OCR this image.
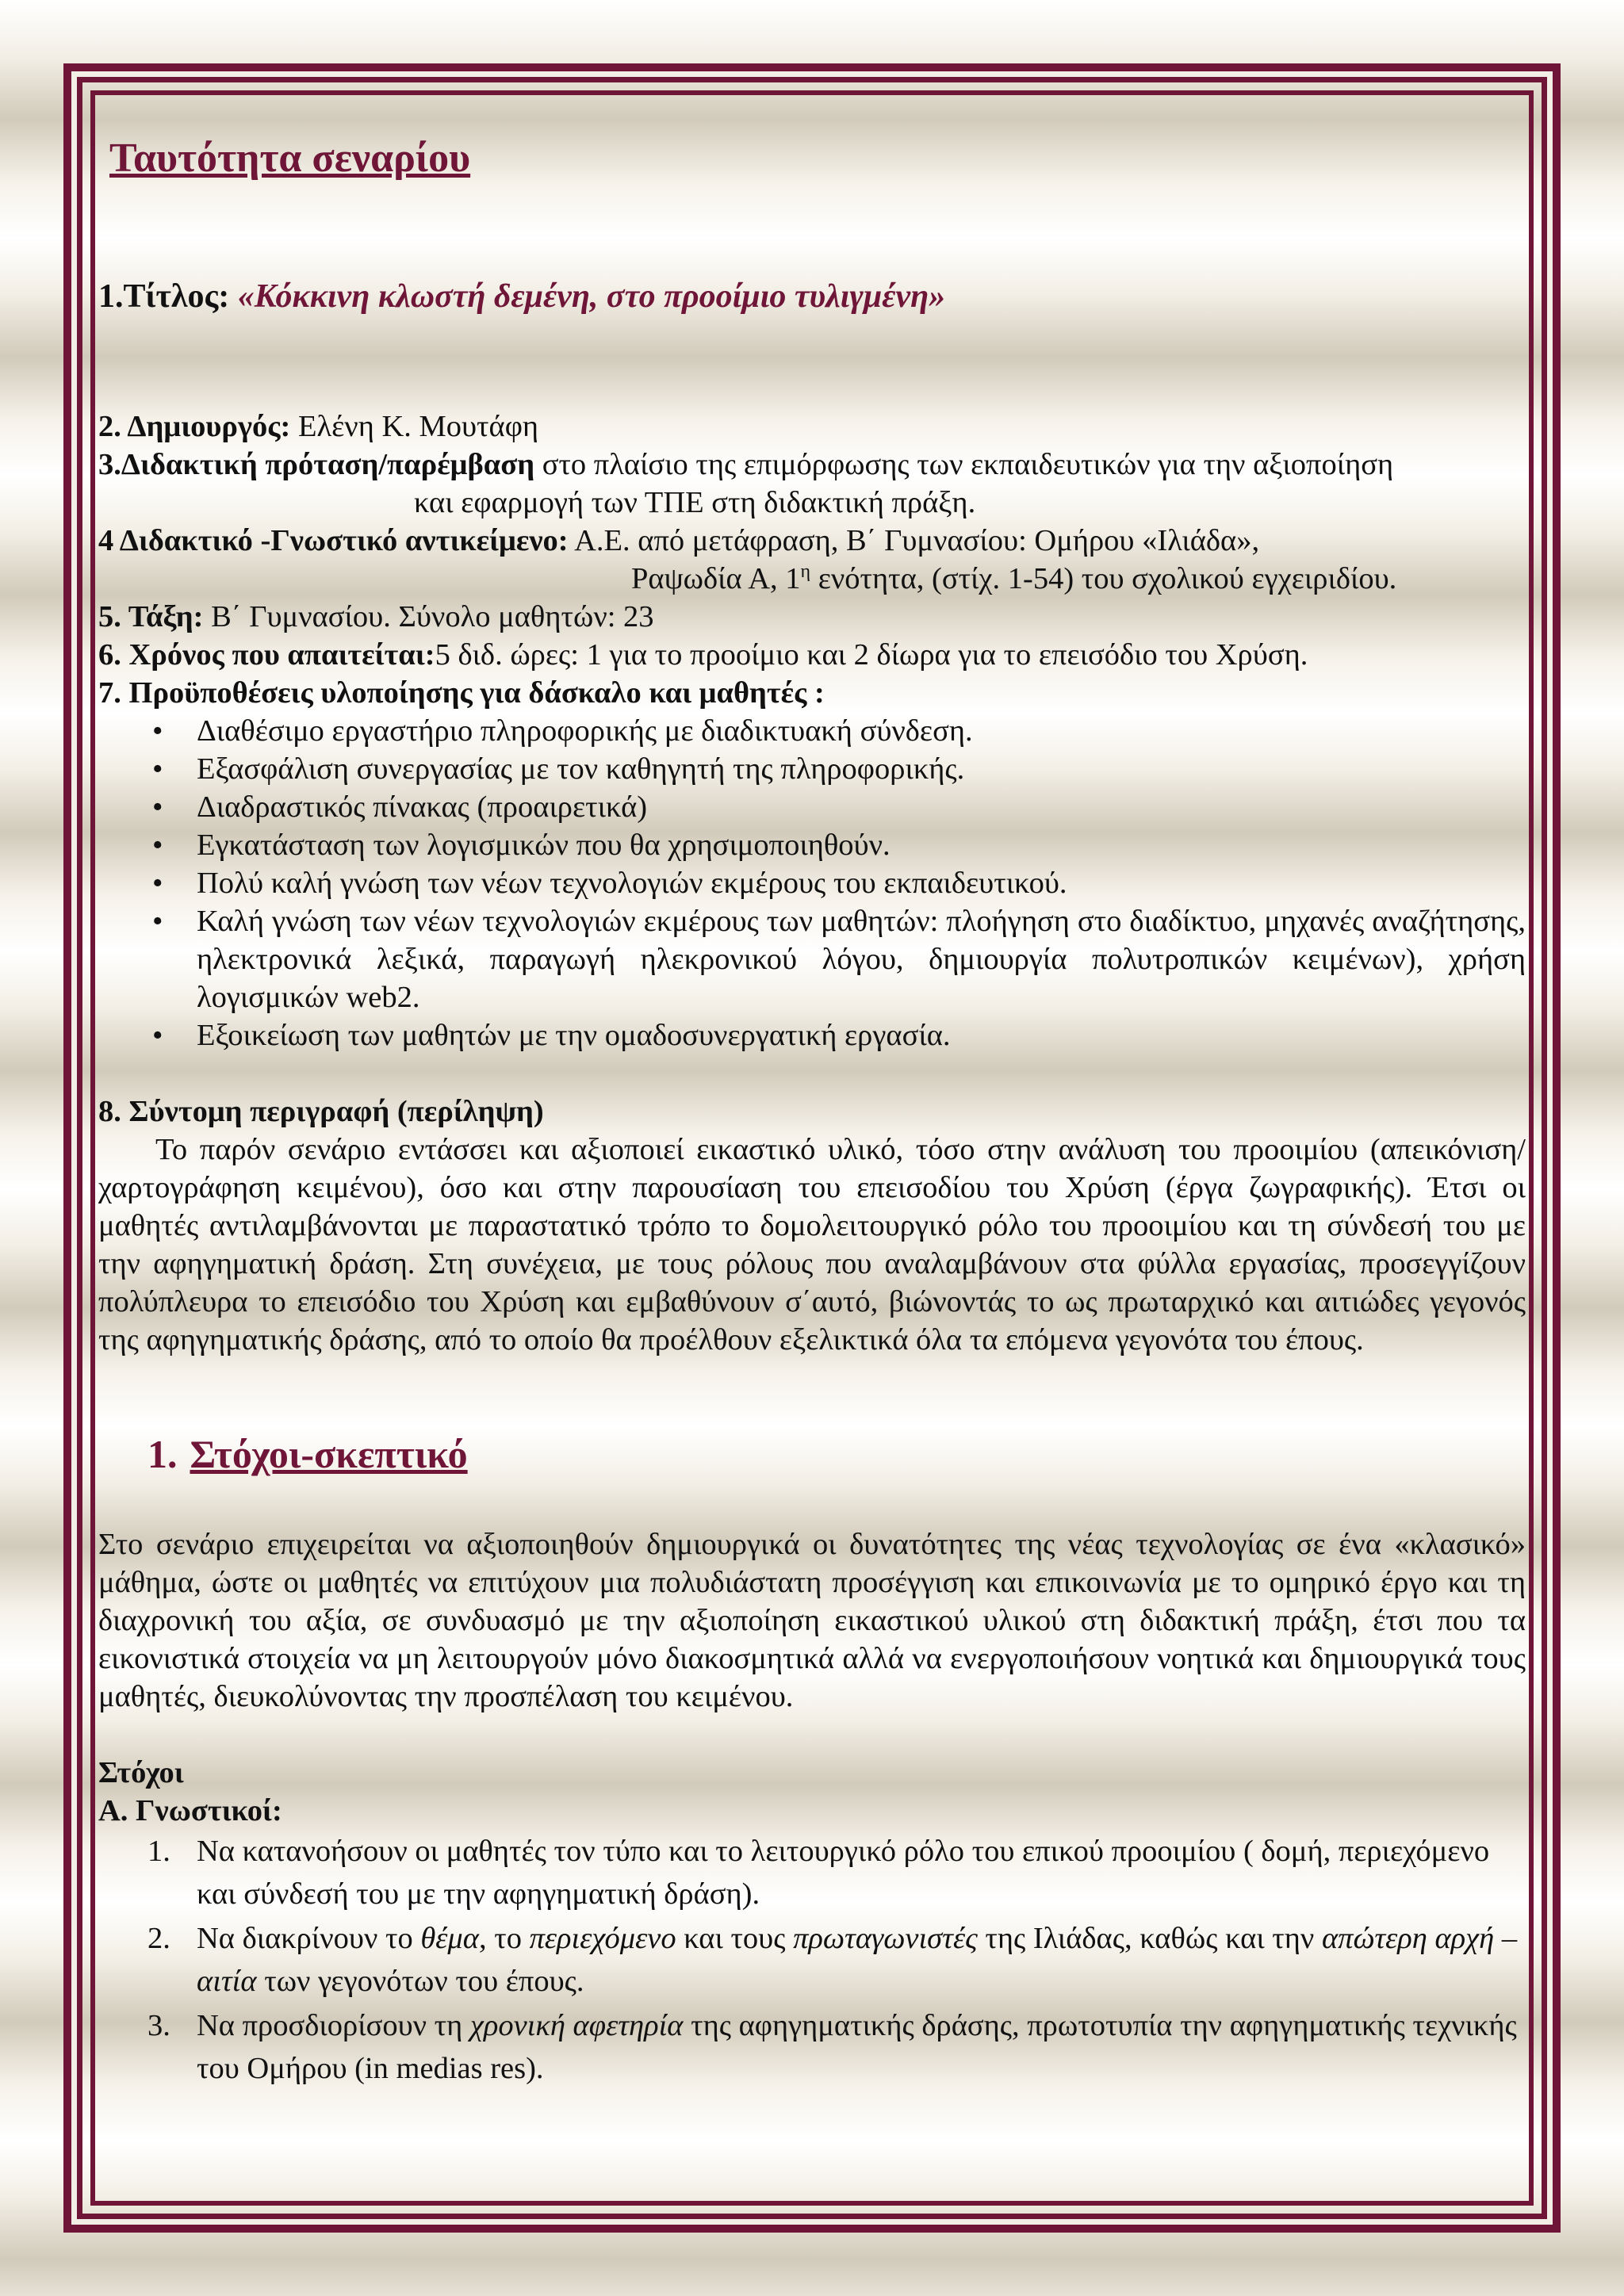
Ταυτότητα σεναρίου
1.Τίτλος: «Κόκκινη κλωστή δεμένη, στο προοίμιο τυλιγμένη»

2. Δημιουργός: Ελένη Κ. Μουτάφη

3.Διδακτική πρόταση/παρέμβαση στο πλαίσιο της επιμόρφωσης των εκπαιδευτικών για την αξιοποίηση

και εφαρμογή των ΤΠΕ στη διδακτική πράξη.

4 Διδακτικό -Γνωστικό αντικείμενο: Α.Ε. από μετάφραση, Β΄ Γυμνασίου: Ομήρου «Ιλιάδα»,

Ραψωδία Α, $1^\eta$ ενότητα, (στίχ. 1-54) του σχολικού εγχειριδίου.

5. Τάξη: Β΄ Γυμνασίου. Σύνολο μαθητών: 23

6. Χρόνος που απαιτείται:5 διδ. ώρες: 1 για το προοίμιο και 2 δίωρα για το επεισόδιο του Χρύση.

7. Προϋποθέσεις υλοποίησης για δάσκαλο και μαθητές :

• Διαθέσιμο εργαστήριο πληροφορικής με διαδικτυακή σύνδεση.
• Εξασφάλιση συνεργασίας με τον καθηγητή της πληροφορικής.
• Διαδραστικός πίνακας (προαιρετικά)
• Εγκατάσταση των λογισμικών που θα χρησιμοποιηθούν.
• Πολύ καλή γνώση των νέων τεχνολογιών εκμέρους του εκπαιδευτικού.
• Καλή γνώση των νέων τεχνολογιών εκμέρους των μαθητών: πλοήγηση στο διαδίκτυο, μηχανές αναζήτησης, ηλεκτρονικά λεξικά, παραγωγή ηλεκρονικού λόγου, δημιουργία πολυτροπικών κειμένων), χρήση λογισμικών web2.
• Εξοικείωση των μαθητών με την ομαδοσυνεργατική εργασία.

8. Σύντομη περιγραφή (περίληψη)

Το παρόν σενάριο εντάσσει και αξιοποιεί εικαστικό υλικό, τόσο στην ανάλυση του προοιμίου (απεικόνιση/χαρτογράφηση κειμένου), όσο και στην παρουσίαση του επεισοδίου του Χρύση (έργα ζωγραφικής). Έτσι οι μαθητές αντιλαμβάνονται με παραστατικό τρόπο το δομολειτουργικό ρόλο του προοιμίου και τη σύνδεσή του με την αφηγηματική δράση. Στη συνέχεια, με τους ρόλους που αναλαμβάνουν στα φύλλα εργασίας, προσεγγίζουν πολύπλευρα το επεισόδιο του Χρύση και εμβαθύνουν σ΄αυτό, βιώνοντάς το ως πρωταρχικό και αιτιώδες γεγονός της αφηγηματικής δράσης, από το οποίο θα προέλθουν εξελικτικά όλα τα επόμενα γεγονότα του έπους.

1. Στόχοι-σκεπτικό

Στο σενάριο επιχειρείται να αξιοποιηθούν δημιουργικά οι δυνατότητες της νέας τεχνολογίας σε ένα «κλασικό» μάθημα, ώστε οι μαθητές να επιτύχουν μια πολυδιάστατη προσέγγιση και επικοινωνία με το ομηρικό έργο και τη διαχρονική του αξία, σε συνδυασμό με την αξιοποίηση εικαστικού υλικού στη διδακτική πράξη, έτσι που τα εικονιστικά στοιχεία να μη λειτουργούν μόνο διακοσμητικά αλλά να ενεργοποιήσουν νοητικά και δημιουργικά τους μαθητές, διευκολύνοντας την προσπέλαση του κειμένου.

Στόχοι

Α. Γνωστικοί:

1. Να κατανοήσουν οι μαθητές τον τύπο και το λειτουργικό ρόλο του επικού προοιμίου ( δομή, περιεχόμενο και σύνδεσή του με την αφηγηματική δράση).
2. Να διακρίνουν το θέμα, το περιεχόμενο και τους πρωταγωνιστές της Ιλιάδας, καθώς και την απώτερη αρχή – αιτία των γεγονότων του έπους.
3. Να προσδιορίσουν τη χρονική αφετηρία της αφηγηματικής δράσης, πρωτοτυπία την αφηγηματικής τεχνικής του Ομήρου (in medias res).
